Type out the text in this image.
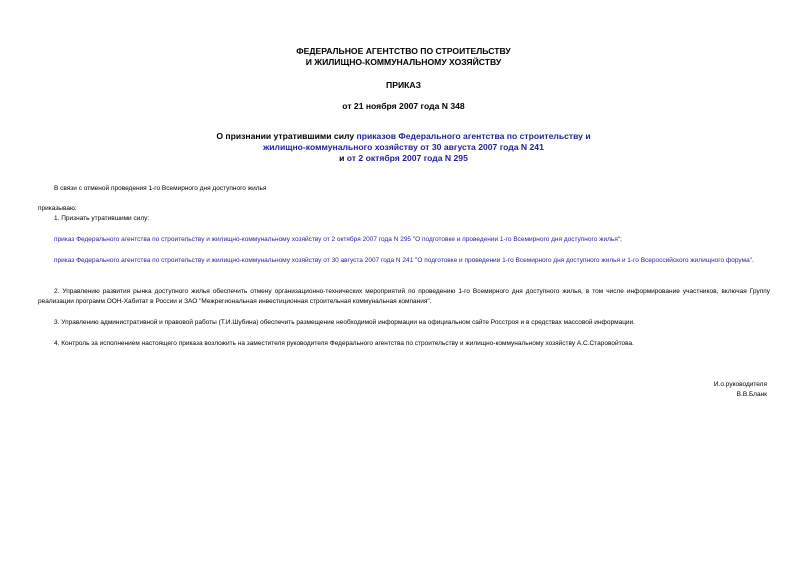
ФЕДЕРАЛЬНОЕ АГЕНТСТВО ПО СТРОИТЕЛЬСТВУ
И ЖИЛИЩНО-КОММУНАЛЬНОМУ ХОЗЯЙСТВУ
ПРИКАЗ
от 21 ноября 2007 года N 348
О признании утратившими силу приказов Федерального агентства по строительству и
жилищно-коммунального хозяйству от 30 августа 2007 года N 241
и от 2 октября 2007 года N 295
В связи с отменой проведения 1-го Всемирного дня доступного жилья
приказываю:
1. Признать утратившими силу:
приказ Федерального агентства по строительству и жилищно-коммунальному хозяйству от 2 октября 2007 года N 295 "О подготовке и проведении 1-го Всемирного дня доступного жилья";
приказ Федерального агентства по строительству и жилищно-коммунальному хозяйству от 30 августа 2007 года N 241 "О подготовке и проведении 1-го Всемирного дня доступного жилья и 1-го Всероссийского жилищного форума".
2. Управлению развития рынка доступного жилья обеспечить отмену организационно-технических мероприятий по проведению 1-го Всемирного дня доступного жилья, в том числе информирование участников, включая Группу реализации программ ООН-Хабитат в России и ЗАО "Межрегиональная инвестиционная строительная коммунальная компания".
3. Управлению административной и правовой работы (Т.И.Шубина) обеспечить размещение необходимой информации на официальном сайте Росстроя и в средствах массовой информации.
4. Контроль за исполнением настоящего приказа возложить на заместителя руководителя Федерального агентства по строительству и жилищно-коммунальному хозяйству А.С.Старовойтова.
И.о.руководителя
В.В.Бланк
